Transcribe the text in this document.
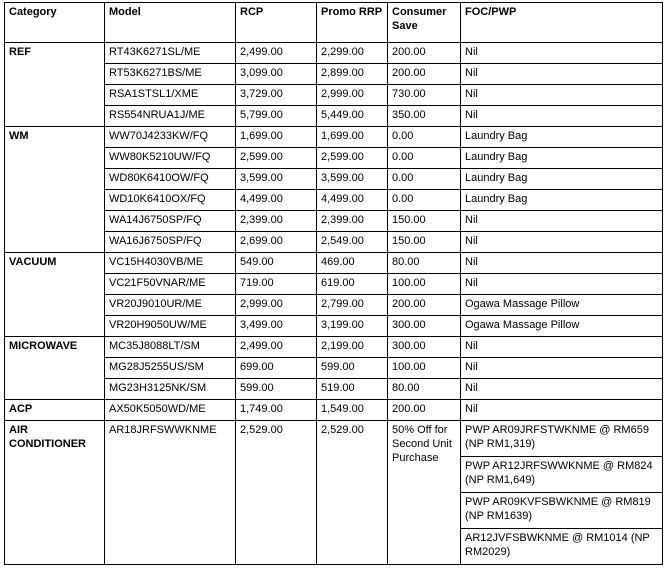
Category	Model	RCP	Promo RRP	Consumer Save	FOC/PWP
REF	RT43K6271SL/ME	2,499.00	2,299.00	200.00	Nil
	RT53K6271BS/ME	3,099.00	2,899.00	200.00	Nil
	RSA1STSL1/XME	3,729.00	2,999.00	730.00	Nil
	RS554NRUA1J/ME	5,799.00	5,449.00	350.00	Nil
WM	WW70J4233KW/FQ	1,699.00	1,699.00	0.00	Laundry Bag
	WW80K5210UW/FQ	2,599.00	2,599.00	0.00	Laundry Bag
	WD80K6410OW/FQ	3,599.00	3,599.00	0.00	Laundry Bag
	WD10K6410OX/FQ	4,499.00	4,499.00	0.00	Laundry Bag
	WA14J6750SP/FQ	2,399.00	2,399.00	150.00	Nil
	WA16J6750SP/FQ	2,699.00	2,549.00	150.00	Nil
VACUUM	VC15H4030VB/ME	549.00	469.00	80.00	Nil
	VC21F50VNAR/ME	719.00	619.00	100.00	Nil
	VR20J9010UR/ME	2,999.00	2,799.00	200.00	Ogawa Massage Pillow
	VR20H9050UW/ME	3,499.00	3,199.00	300.00	Ogawa Massage Pillow
MICROWAVE	MC35J8088LT/SM	2,499.00	2,199.00	300.00	Nil
	MG28J5255US/SM	699.00	599.00	100.00	Nil
	MG23H3125NK/SM	599.00	519.00	80.00	Nil
ACP	AX50K5050WD/ME	1,749.00	1,549.00	200.00	Nil
AIR CONDITIONER	AR18JRFSWWKNME	2,529.00	2,529.00	50% Off for Second Unit Purchase	PWP AR09JRFSTWKNME @ RM659 (NP RM1,319)
					PWP AR12JRFSWWKNME @ RM824 (NP RM1,649)
					PWP AR09KVFSBWKNME @ RM819 (NP RM1639)
					AR12JVFSBWKNME @ RM1014 (NP RM2029)
